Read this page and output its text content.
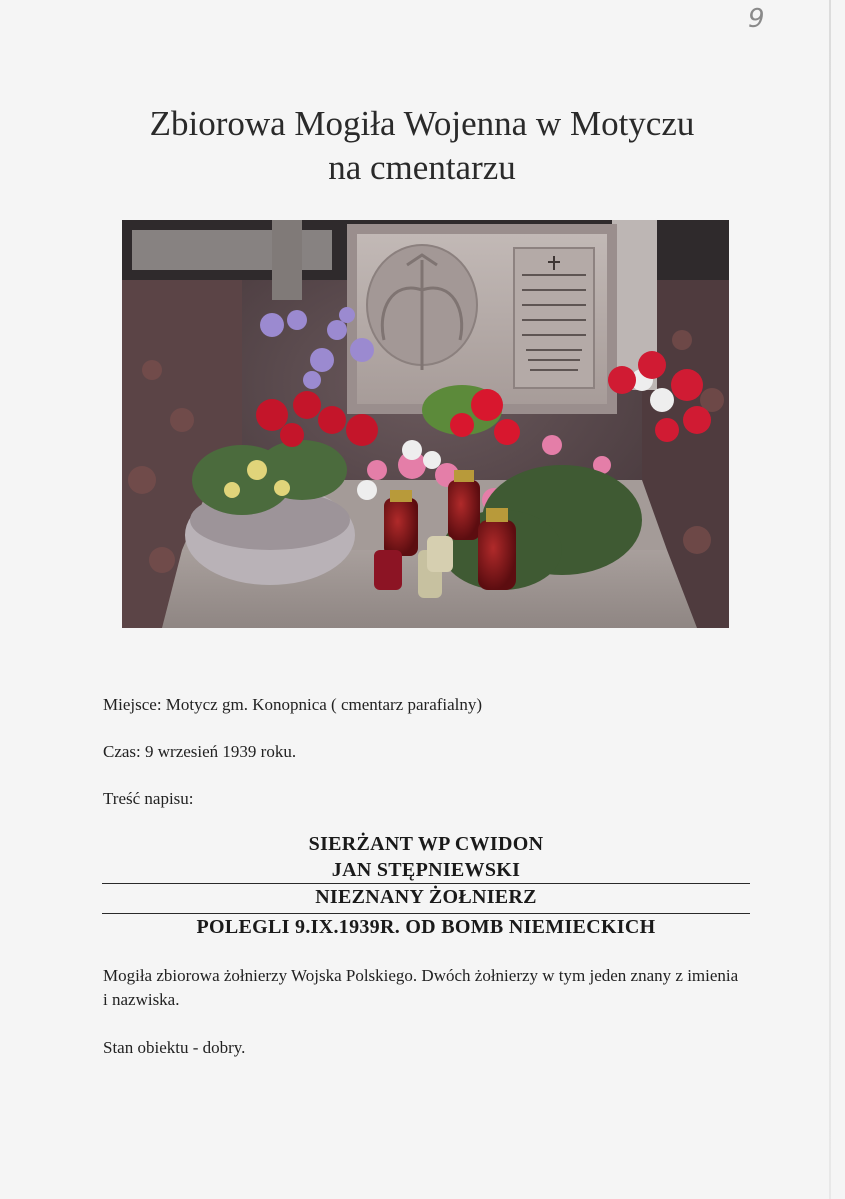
9
Zbiorowa Mogiła Wojenna w Motyczu
na cmentarzu
Miejsce: Motycz gm. Konopnica ( cmentarz parafialny)
Czas: 9 wrzesień 1939 roku.
Treść napisu:
SIERŻANT WP CWIDON
JAN STĘPNIEWSKI
NIEZNANY ŻOŁNIERZ
POLEGLI 9.IX.1939R. OD BOMB NIEMIECKICH
Mogiła zbiorowa żołnierzy Wojska Polskiego. Dwóch żołnierzy w tym jeden znany z imienia i nazwiska.
Stan obiektu - dobry.
